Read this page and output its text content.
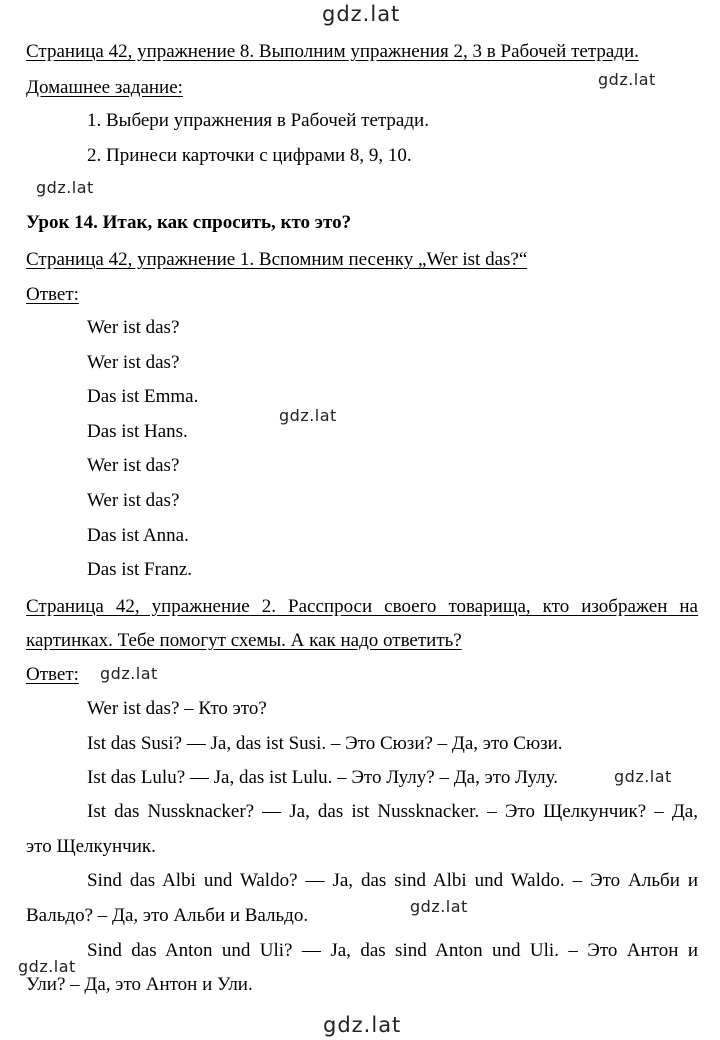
gdz.lat
gdz.lat
gdz.lat
gdz.lat
gdz.lat
gdz.lat
gdz.lat
gdz.lat
gdz.lat
Страница 42, упражнение 8. Выполним упражнения 2, 3 в Рабочей тетради.
Домашнее задание:
1. Выбери упражнения в Рабочей тетради.
2. Принеси карточки с цифрами 8, 9, 10.
Урок 14. Итак, как спросить, кто это?
Страница 42, упражнение 1. Вспомним песенку „Wer ist das?“
Ответ:
Wer ist das?
Wer ist das?
Das ist Emma.
Das ist Hans.
Wer ist das?
Wer ist das?
Das ist Anna.
Das ist Franz.
Страница 42, упражнение 2. Расспроси своего товарища, кто изображен на
картинках. Тебе помогут схемы. А как надо ответить?
Ответ:
Wer ist das? – Кто это?
Ist das Susi? — Ja, das ist Susi. – Это Сюзи? – Да, это Сюзи.
Ist das Lulu? — Ja, das ist Lulu. – Это Лулу? – Да, это Лулу.
Ist das Nussknacker? — Ja, das ist Nussknacker. – Это Щелкунчик? – Да,
это Щелкунчик.
Sind das Albi und Waldo? — Ja, das sind Albi und Waldo. – Это Альби и
Вальдо? – Да, это Альби и Вальдо.
Sind das Anton und Uli? — Ja, das sind Anton und Uli. – Это Антон и
Ули? – Да, это Антон и Ули.
